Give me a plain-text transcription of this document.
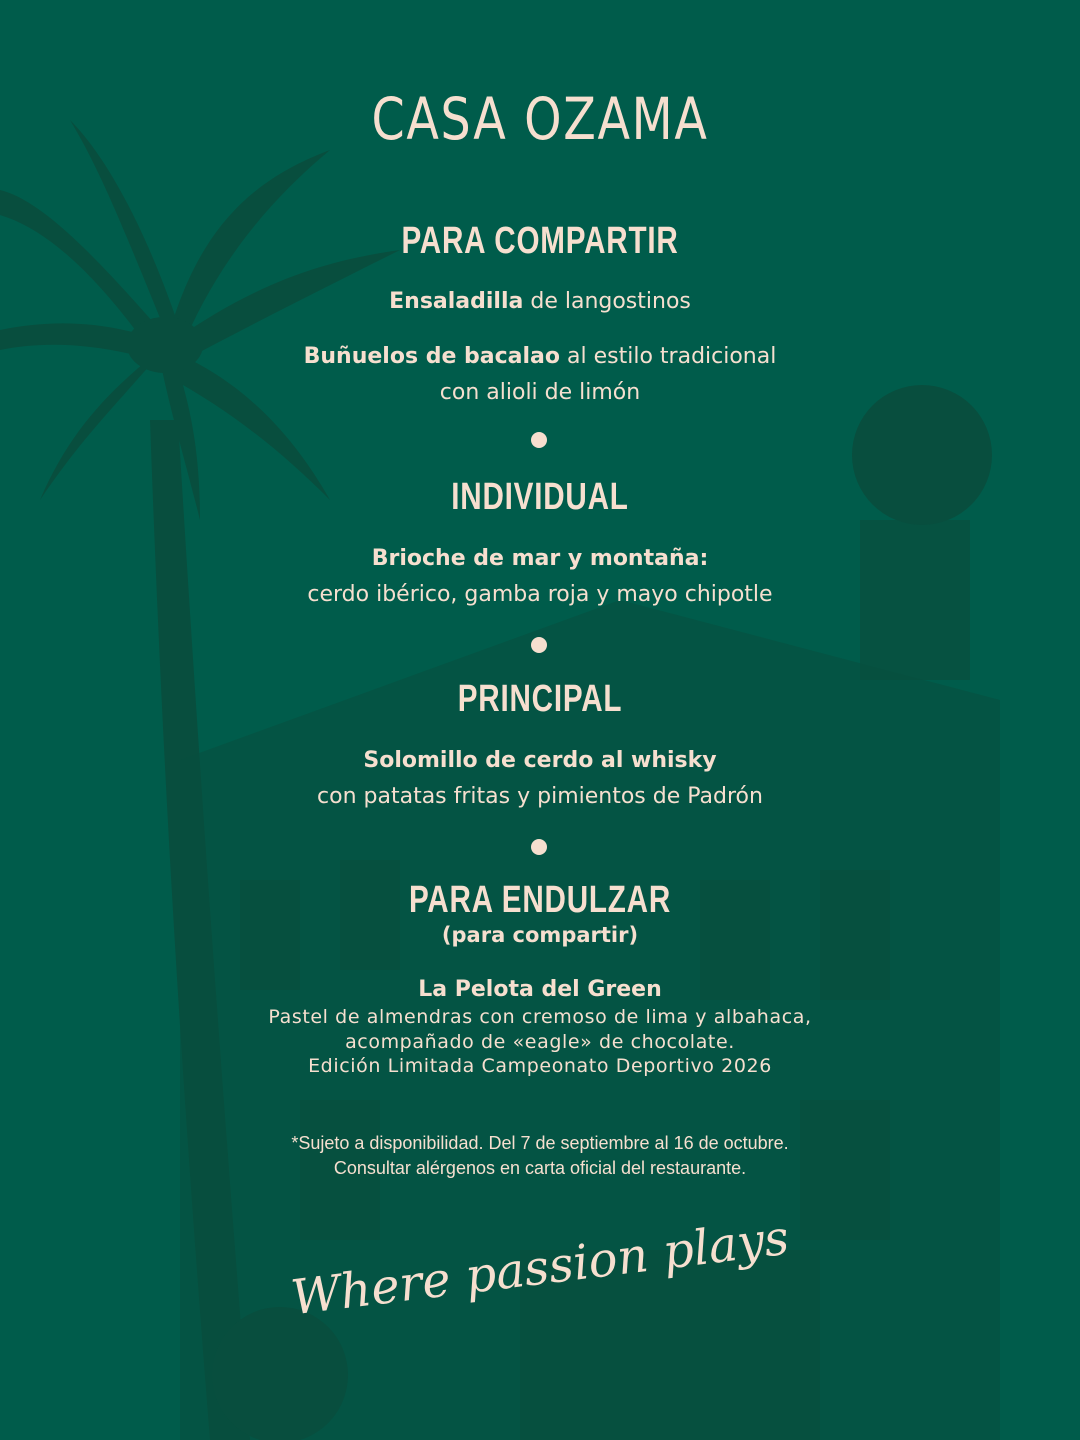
CASA OZAMA
PARA COMPARTIR
Ensaladilla de langostinos
Buñuelos de bacalao al estilo tradicional
con alioli de limón
INDIVIDUAL
Brioche de mar y montaña:
cerdo ibérico, gamba roja y mayo chipotle
PRINCIPAL
Solomillo de cerdo al whisky
con patatas fritas y pimientos de Padrón
PARA ENDULZAR
(para compartir)
La Pelota del Green
Pastel de almendras con cremoso de lima y albahaca,
acompañado de «eagle» de chocolate.
Edición Limitada Campeonato Deportivo 2026
*Sujeto a disponibilidad. Del 7 de septiembre al 16 de octubre.
Consultar alérgenos en carta oficial del restaurante.
Where passion plays
